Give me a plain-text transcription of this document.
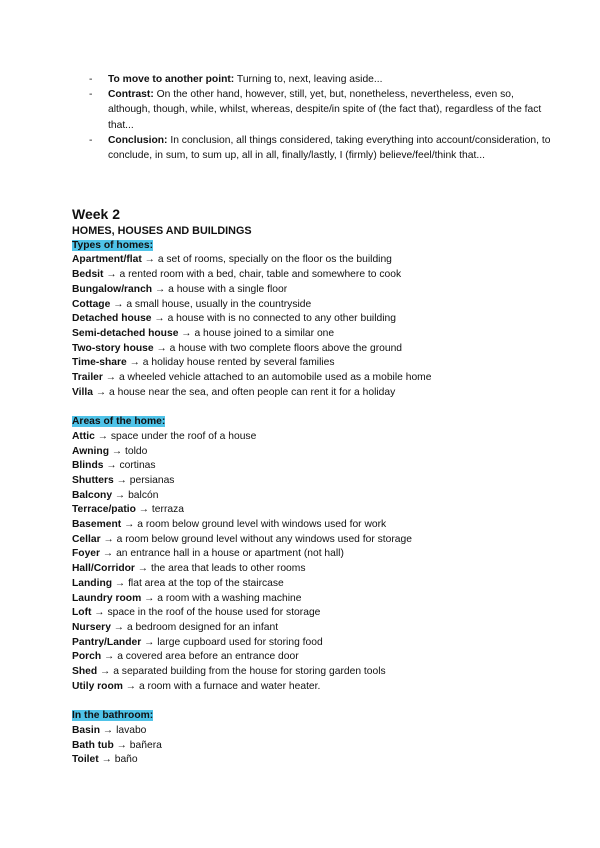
- To move to another point: Turning to, next, leaving aside...
- Contrast: On the other hand, however, still, yet, but, nonetheless, nevertheless, even so, although, though, while, whilst, whereas, despite/in spite of (the fact that), regardless of the fact that...
- Conclusion: In conclusion, all things considered, taking everything into account/consideration, to conclude, in sum, to sum up, all in all, finally/lastly, I (firmly) believe/feel/think that...
Week 2
HOMES, HOUSES AND BUILDINGS
Types of homes:
Apartment/flat → a set of rooms, specially on the floor os the building
Bedsit → a rented room with a bed, chair, table and somewhere to cook
Bungalow/ranch → a house with a single floor
Cottage → a small house, usually in the countryside
Detached house → a house with is no connected to any other building
Semi-detached house → a house joined to a similar one
Two-story house → a house with two complete floors above the ground
Time-share → a holiday house rented by several families
Trailer → a wheeled vehicle attached to an automobile used as a mobile home
Villa → a house near the sea, and often people can rent it for a holiday
Areas of the home:
Attic → space under the roof of a house
Awning → toldo
Blinds → cortinas
Shutters → persianas
Balcony → balcón
Terrace/patio → terraza
Basement → a room below ground level with windows used for work
Cellar → a room below ground level without any windows used for storage
Foyer → an entrance hall in a house or apartment (not hall)
Hall/Corridor → the area that leads to other rooms
Landing → flat area at the top of the staircase
Laundry room → a room with a washing machine
Loft → space in the roof of the house used for storage
Nursery → a bedroom designed for an infant
Pantry/Lander → large cupboard used for storing food
Porch → a covered area before an entrance door
Shed → a separated building from the house for storing garden tools
Utily room → a room with a furnace and water heater.
In the bathroom:
Basin → lavabo
Bath tub → bañera
Toilet → baño
